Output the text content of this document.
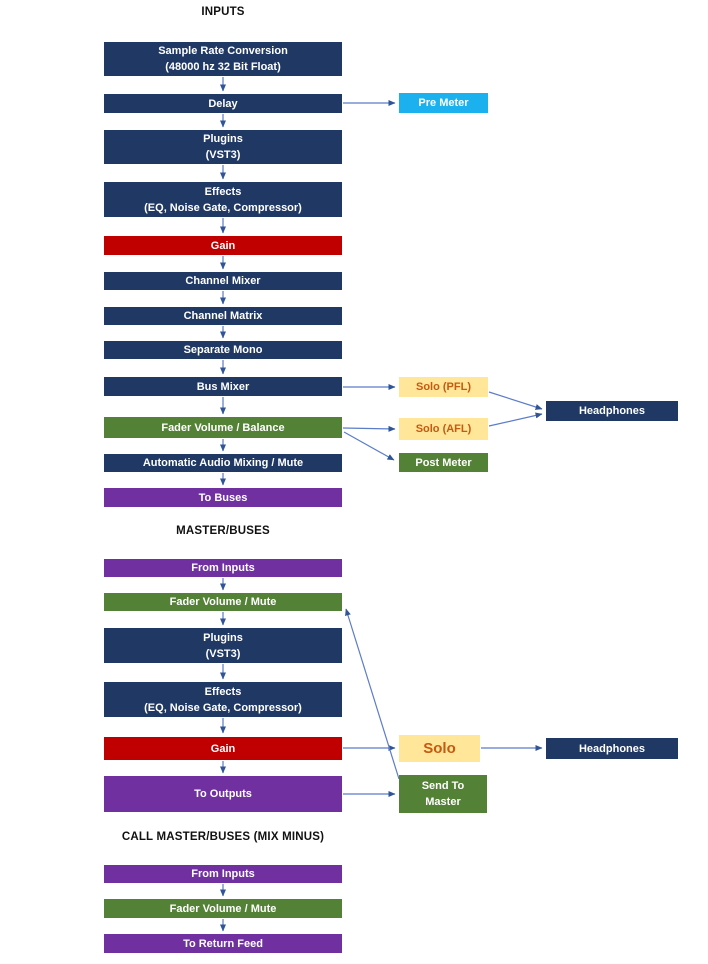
INPUTS
Sample Rate Conversion
(48000 hz 32 Bit Float)
Delay
Plugins
(VST3)
Effects
(EQ, Noise Gate, Compressor)
Gain
Channel Mixer
Channel Matrix
Separate Mono
Bus Mixer
Fader Volume / Balance
Automatic Audio Mixing / Mute
To Buses
Pre Meter
Solo (PFL)
Solo (AFL)
Post Meter
Headphones
MASTER/BUSES
From Inputs
Fader Volume / Mute
Plugins
(VST3)
Effects
(EQ, Noise Gate, Compressor)
Gain
To Outputs
Solo
Send To
Master
Headphones
CALL MASTER/BUSES (MIX MINUS)
From Inputs
Fader Volume / Mute
To Return Feed
